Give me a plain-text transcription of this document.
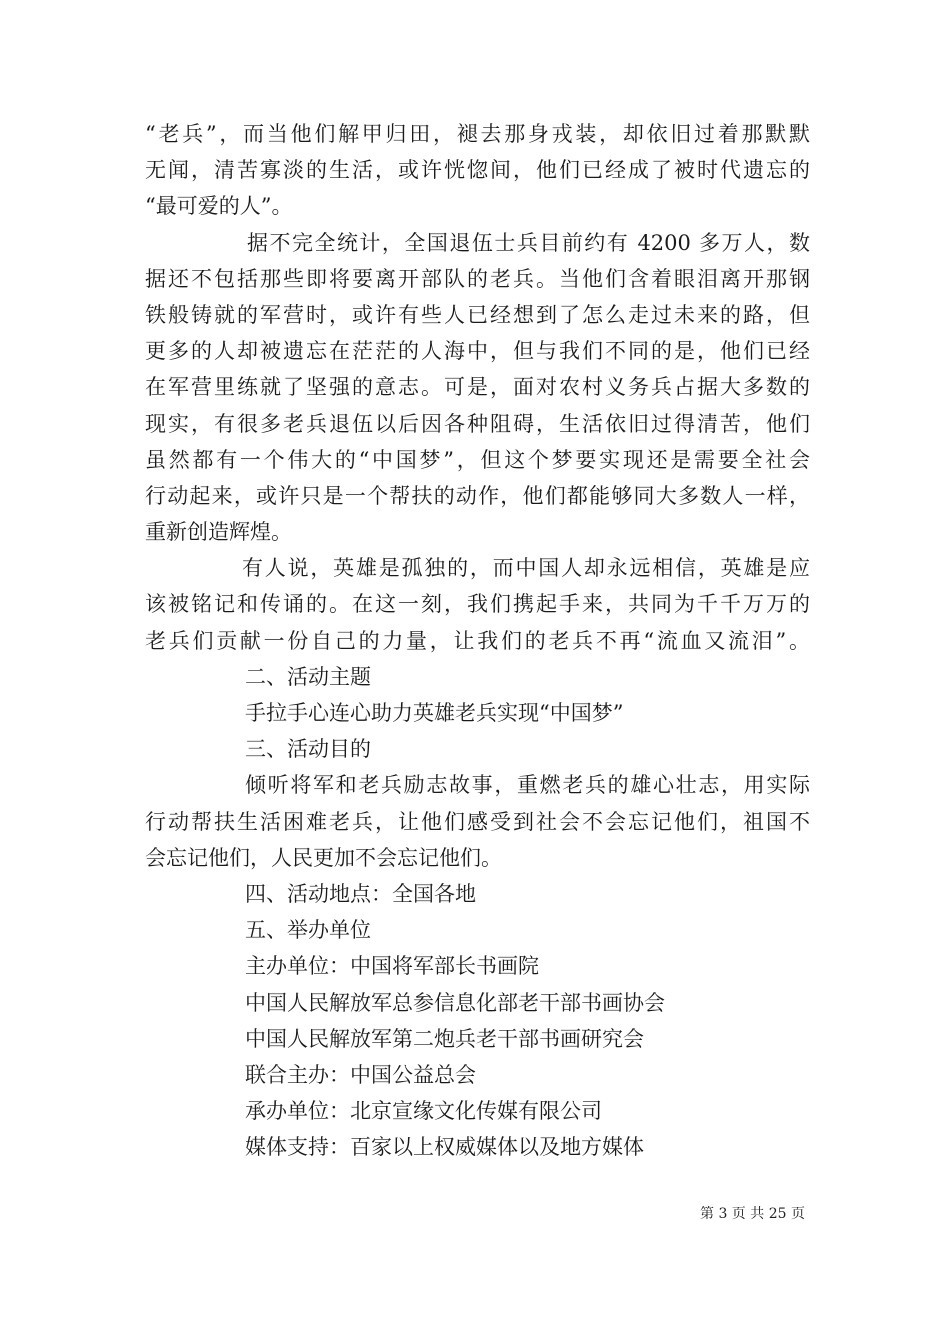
“老兵”，而当他们解甲归田，褪去那身戎装，却依旧过着那默默
无闻，清苦寡淡的生活，或许恍惚间，他们已经成了被时代遗忘的
“最可爱的人”。
据不完全统计，全国退伍士兵目前约有 4200 多万人，数
据还不包括那些即将要离开部队的老兵。当他们含着眼泪离开那钢
铁般铸就的军营时，或许有些人已经想到了怎么走过未来的路，但
更多的人却被遗忘在茫茫的人海中，但与我们不同的是，他们已经
在军营里练就了坚强的意志。可是，面对农村义务兵占据大多数的
现实，有很多老兵退伍以后因各种阻碍，生活依旧过得清苦，他们
虽然都有一个伟大的“中国梦”，但这个梦要实现还是需要全社会
行动起来，或许只是一个帮扶的动作，他们都能够同大多数人一样，
重新创造辉煌。
有人说，英雄是孤独的，而中国人却永远相信，英雄是应
该被铭记和传诵的。在这一刻，我们携起手来，共同为千千万万的
老兵们贡献一份自己的力量，让我们的老兵不再“流血又流泪”。
二、活动主题
手拉手心连心助力英雄老兵实现“中国梦”
三、活动目的
倾听将军和老兵励志故事，重燃老兵的雄心壮志，用实际
行动帮扶生活困难老兵，让他们感受到社会不会忘记他们，祖国不
会忘记他们，人民更加不会忘记他们。
四、活动地点：全国各地
五、举办单位
主办单位：中国将军部长书画院
中国人民解放军总参信息化部老干部书画协会
中国人民解放军第二炮兵老干部书画研究会
联合主办：中国公益总会
承办单位：北京宣缘文化传媒有限公司
媒体支持：百家以上权威媒体以及地方媒体
第 3 页 共 25 页
